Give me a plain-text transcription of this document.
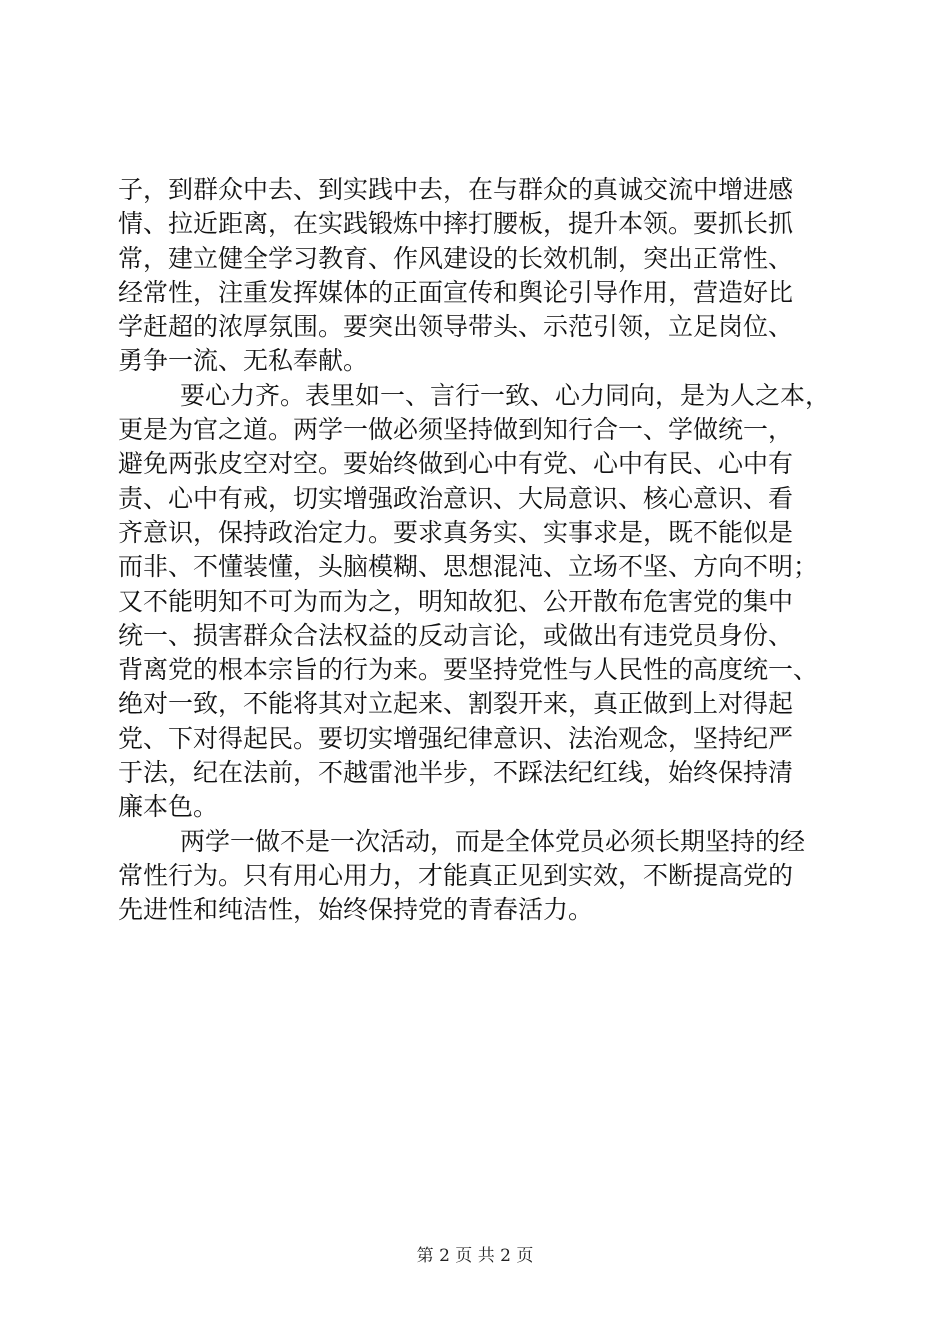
子，到群众中去、到实践中去，在与群众的真诚交流中增进感
情、拉近距离，在实践锻炼中摔打腰板，提升本领。要抓长抓
常，建立健全学习教育、作风建设的长效机制，突出正常性、
经常性，注重发挥媒体的正面宣传和舆论引导作用，营造好比
学赶超的浓厚氛围。要突出领导带头、示范引领，立足岗位、
勇争一流、无私奉献。
要心力齐。表里如一、言行一致、心力同向，是为人之本，
更是为官之道。两学一做必须坚持做到知行合一、学做统一，
避免两张皮空对空。要始终做到心中有党、心中有民、心中有
责、心中有戒，切实增强政治意识、大局意识、核心意识、看
齐意识，保持政治定力。要求真务实、实事求是，既不能似是
而非、不懂装懂，头脑模糊、思想混沌、立场不坚、方向不明；
又不能明知不可为而为之，明知故犯、公开散布危害党的集中
统一、损害群众合法权益的反动言论，或做出有违党员身份、
背离党的根本宗旨的行为来。要坚持党性与人民性的高度统一、
绝对一致，不能将其对立起来、割裂开来，真正做到上对得起
党、下对得起民。要切实增强纪律意识、法治观念，坚持纪严
于法，纪在法前，不越雷池半步，不踩法纪红线，始终保持清
廉本色。
两学一做不是一次活动，而是全体党员必须长期坚持的经
常性行为。只有用心用力，才能真正见到实效，不断提高党的
先进性和纯洁性，始终保持党的青春活力。
第 2 页 共 2 页
